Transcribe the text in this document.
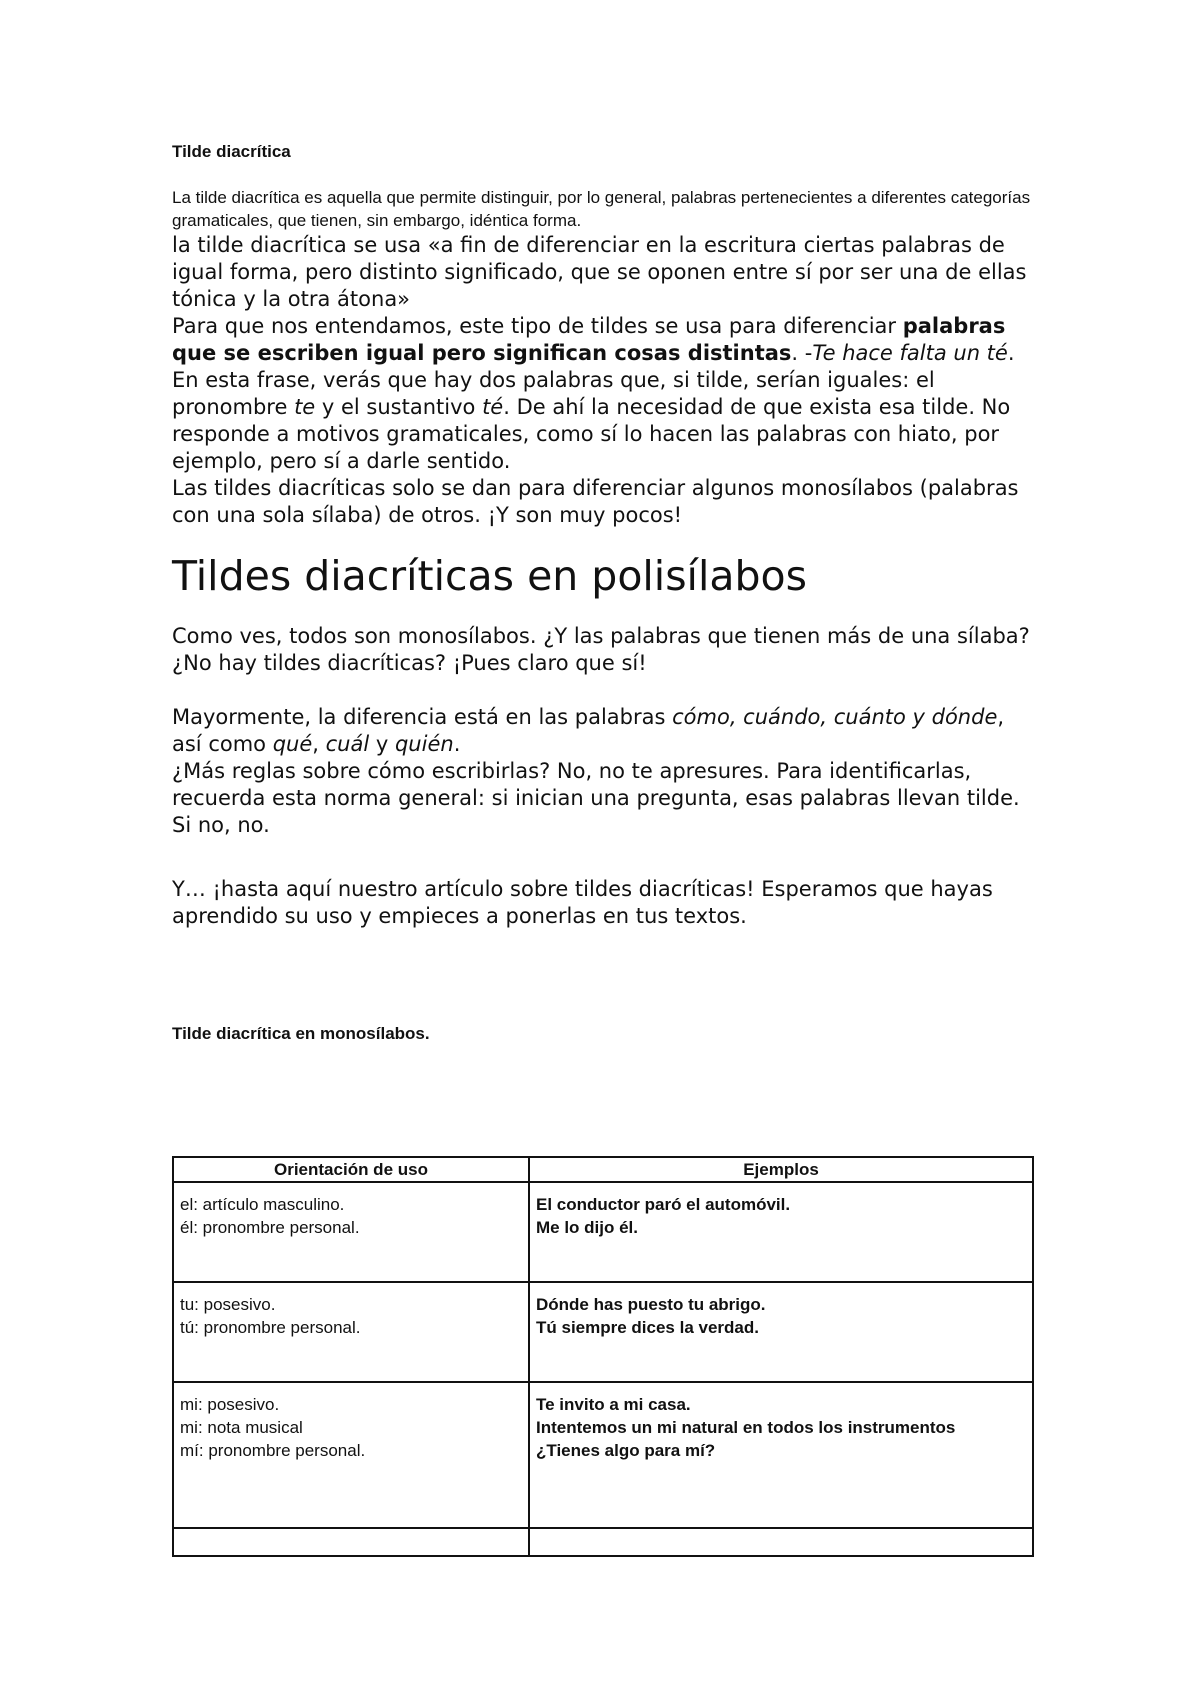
Tilde diacrítica

La tilde diacrítica es aquella que permite distinguir, por lo general, palabras pertenecientes a diferentes categorías gramaticales, que tienen, sin embargo, idéntica forma.

la tilde diacrítica se usa «a fin de diferenciar en la escritura ciertas palabras de igual forma, pero distinto significado, que se oponen entre sí por ser una de ellas tónica y la otra átona»

Para que nos entendamos, este tipo de tildes se usa para diferenciar palabras que se escriben igual pero significan cosas distintas. -Te hace falta un té.

En esta frase, verás que hay dos palabras que, si tilde, serían iguales: el pronombre te y el sustantivo té. De ahí la necesidad de que exista esa tilde. No responde a motivos gramaticales, como sí lo hacen las palabras con hiato, por ejemplo, pero sí a darle sentido.

Las tildes diacríticas solo se dan para diferenciar algunos monosílabos (palabras con una sola sílaba) de otros. ¡Y son muy pocos!

Tildes diacríticas en polisílabos

Como ves, todos son monosílabos. ¿Y las palabras que tienen más de una sílaba? ¿No hay tildes diacríticas? ¡Pues claro que sí!

Mayormente, la diferencia está en las palabras cómo, cuándo, cuánto y dónde, así como qué, cuál y quién.

¿Más reglas sobre cómo escribirlas? No, no te apresures. Para identificarlas, recuerda esta norma general: si inician una pregunta, esas palabras llevan tilde. Si no, no.

Y… ¡hasta aquí nuestro artículo sobre tildes diacríticas! Esperamos que hayas aprendido su uso y empieces a ponerlas en tus textos.

Tilde diacrítica en monosílabos.

Orientación de uso	Ejemplos

el: artículo masculino.
él: pronombre personal.	El conductor paró el automóvil.
Me lo dijo él.

tu: posesivo.
tú: pronombre personal.	Dónde has puesto tu abrigo.
Tú siempre dices la verdad.

mi: posesivo.
mi: nota musical
mí: pronombre personal.	Te invito a mi casa.
Intentemos un mi natural en todos los instrumentos
¿Tienes algo para mí?
